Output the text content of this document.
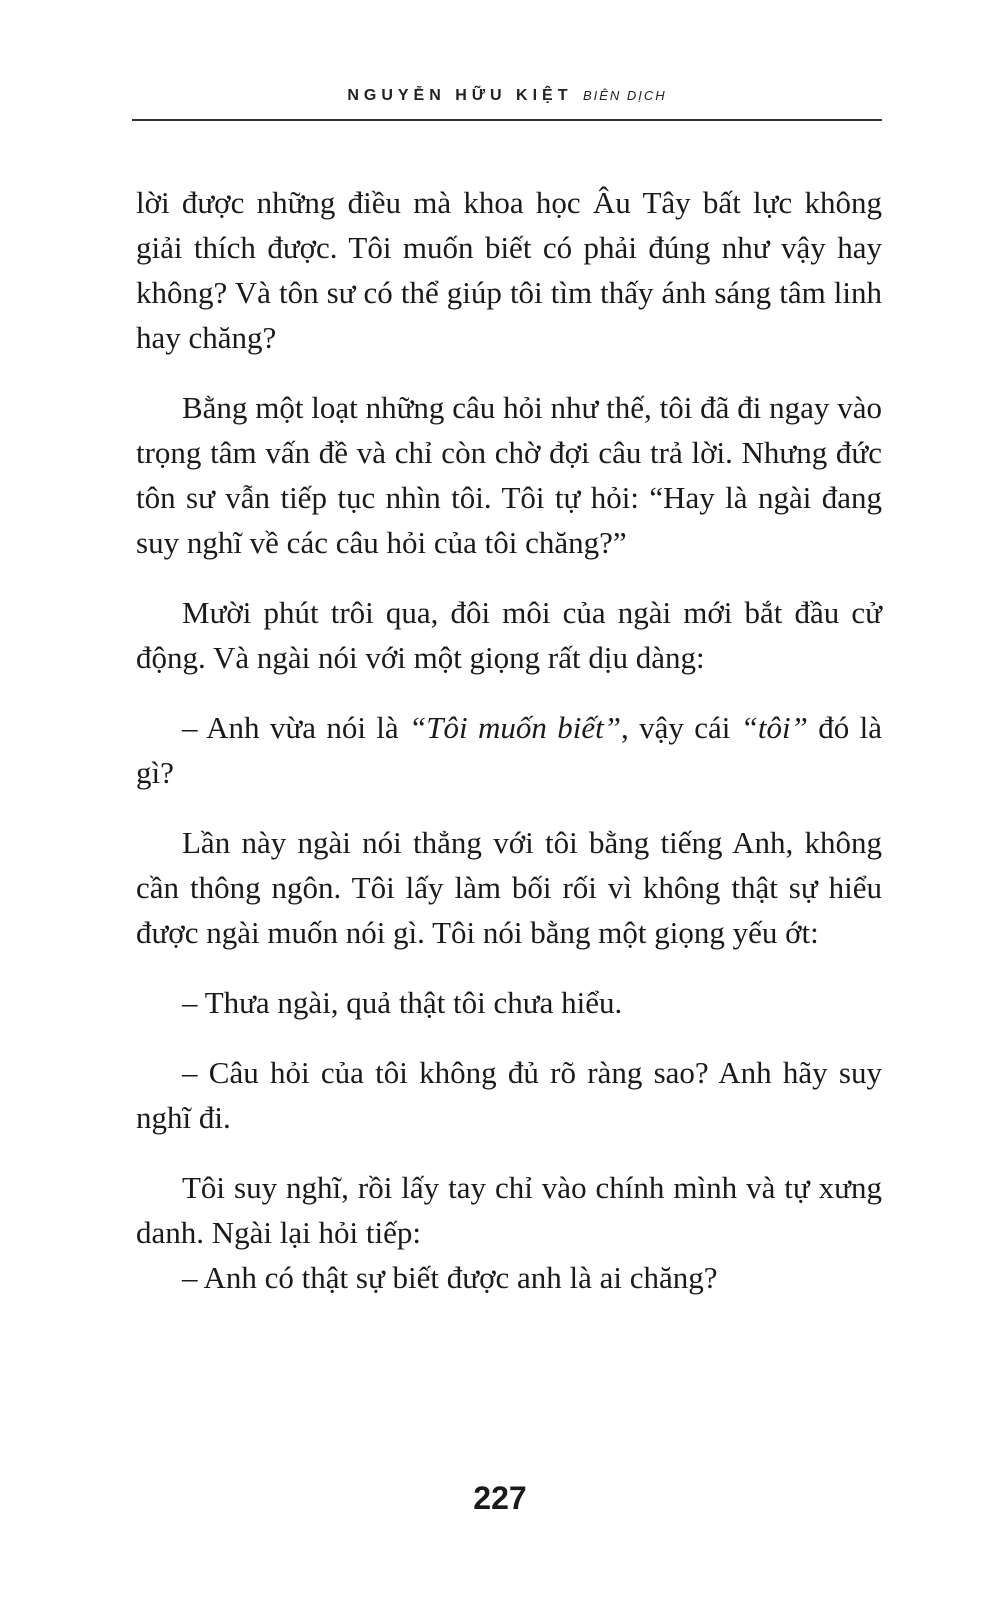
NGUYỄN HỮU KIỆT BIÊN DỊCH

lời được những điều mà khoa học Âu Tây bất lực không giải thích được. Tôi muốn biết có phải đúng như vậy hay không? Và tôn sư có thể giúp tôi tìm thấy ánh sáng tâm linh hay chăng?

Bằng một loạt những câu hỏi như thế, tôi đã đi ngay vào trọng tâm vấn đề và chỉ còn chờ đợi câu trả lời. Nhưng đức tôn sư vẫn tiếp tục nhìn tôi. Tôi tự hỏi: “Hay là ngài đang suy nghĩ về các câu hỏi của tôi chăng?”

Mười phút trôi qua, đôi môi của ngài mới bắt đầu cử động. Và ngài nói với một giọng rất dịu dàng:

– Anh vừa nói là “Tôi muốn biết”, vậy cái “tôi” đó là gì?

Lần này ngài nói thẳng với tôi bằng tiếng Anh, không cần thông ngôn. Tôi lấy làm bối rối vì không thật sự hiểu được ngài muốn nói gì. Tôi nói bằng một giọng yếu ớt:

– Thưa ngài, quả thật tôi chưa hiểu.

– Câu hỏi của tôi không đủ rõ ràng sao? Anh hãy suy nghĩ đi.

Tôi suy nghĩ, rồi lấy tay chỉ vào chính mình và tự xưng danh. Ngài lại hỏi tiếp:

– Anh có thật sự biết được anh là ai chăng?

227
